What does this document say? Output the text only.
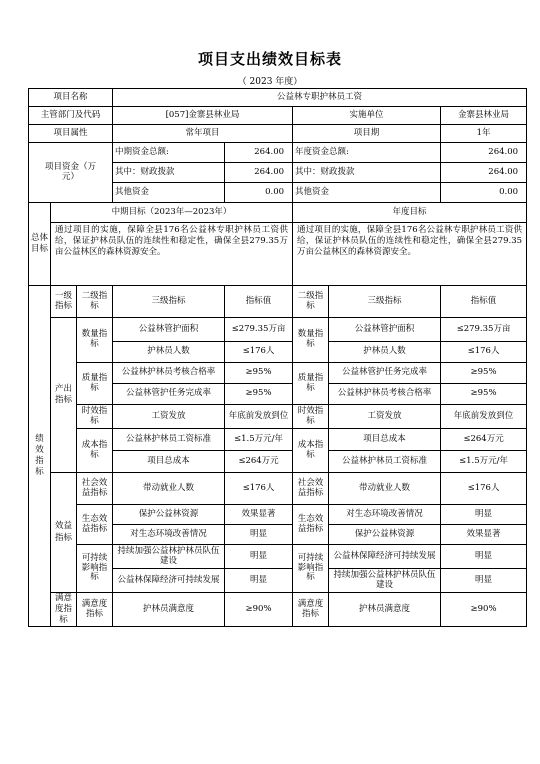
项目支出绩效目标表
（ 2023 年度）
项目名称			公益林专职护林员工资				
主管部门及代码			[057]金寨县林业局		实施单位		金寨县林业局
项目属性			常年项目		项目期		1年
项目资金（万元）			中期资金总额:	264.00	年度资金总额:		264.00
			其中：财政拨款	264.00	其中：财政拨款		264.00
			其他资金	0.00	其他资金		0.00
总体目标	中期目标（2023年—2023年）				年度目标		
	通过项目的实施，保障全县176名公益林专职护林员工资供给，保证护林员队伍的连续性和稳定性，确保全县279.35万亩公益林区的森林资源安全。				通过项目的实施，保障全县176名公益林专职护林员工资供给，保证护林员队伍的连续性和稳定性，确保全县279.35万亩公益林区的森林资源安全。		
绩效指标	一级指标	二级指标	三级指标	指标值	二级指标	三级指标	指标值
	产出指标	数量指标	公益林管护面积	≤279.35万亩	数量指标	公益林管护面积	≤279.35万亩
			护林员人数	≤176人		护林员人数	≤176人
		质量指标	公益林护林员考核合格率	≥95%	质量指标	公益林管护任务完成率	≥95%
			公益林管护任务完成率	≥95%		公益林护林员考核合格率	≥95%
		时效指标	工资发放	年底前发放到位	时效指标	工资发放	年底前发放到位
		成本指标	公益林护林员工资标准	≤1.5万元/年	成本指标	项目总成本	≤264万元
			项目总成本	≤264万元		公益林护林员工资标准	≤1.5万元/年
	效益指标	社会效益指标	带动就业人数	≤176人	社会效益指标	带动就业人数	≤176人
		生态效益指标	保护公益林资源	效果显著	生态效益指标	对生态环境改善情况	明显
			对生态环境改善情况	明显		保护公益林资源	效果显著
		可持续影响指标	持续加强公益林护林员队伍建设	明显	可持续影响指标	公益林保障经济可持续发展	明显
			公益林保障经济可持续发展	明显		持续加强公益林护林员队伍建设	明显
	满意度指标	满意度指标	护林员满意度	≥90%	满意度指标	护林员满意度	≥90%
